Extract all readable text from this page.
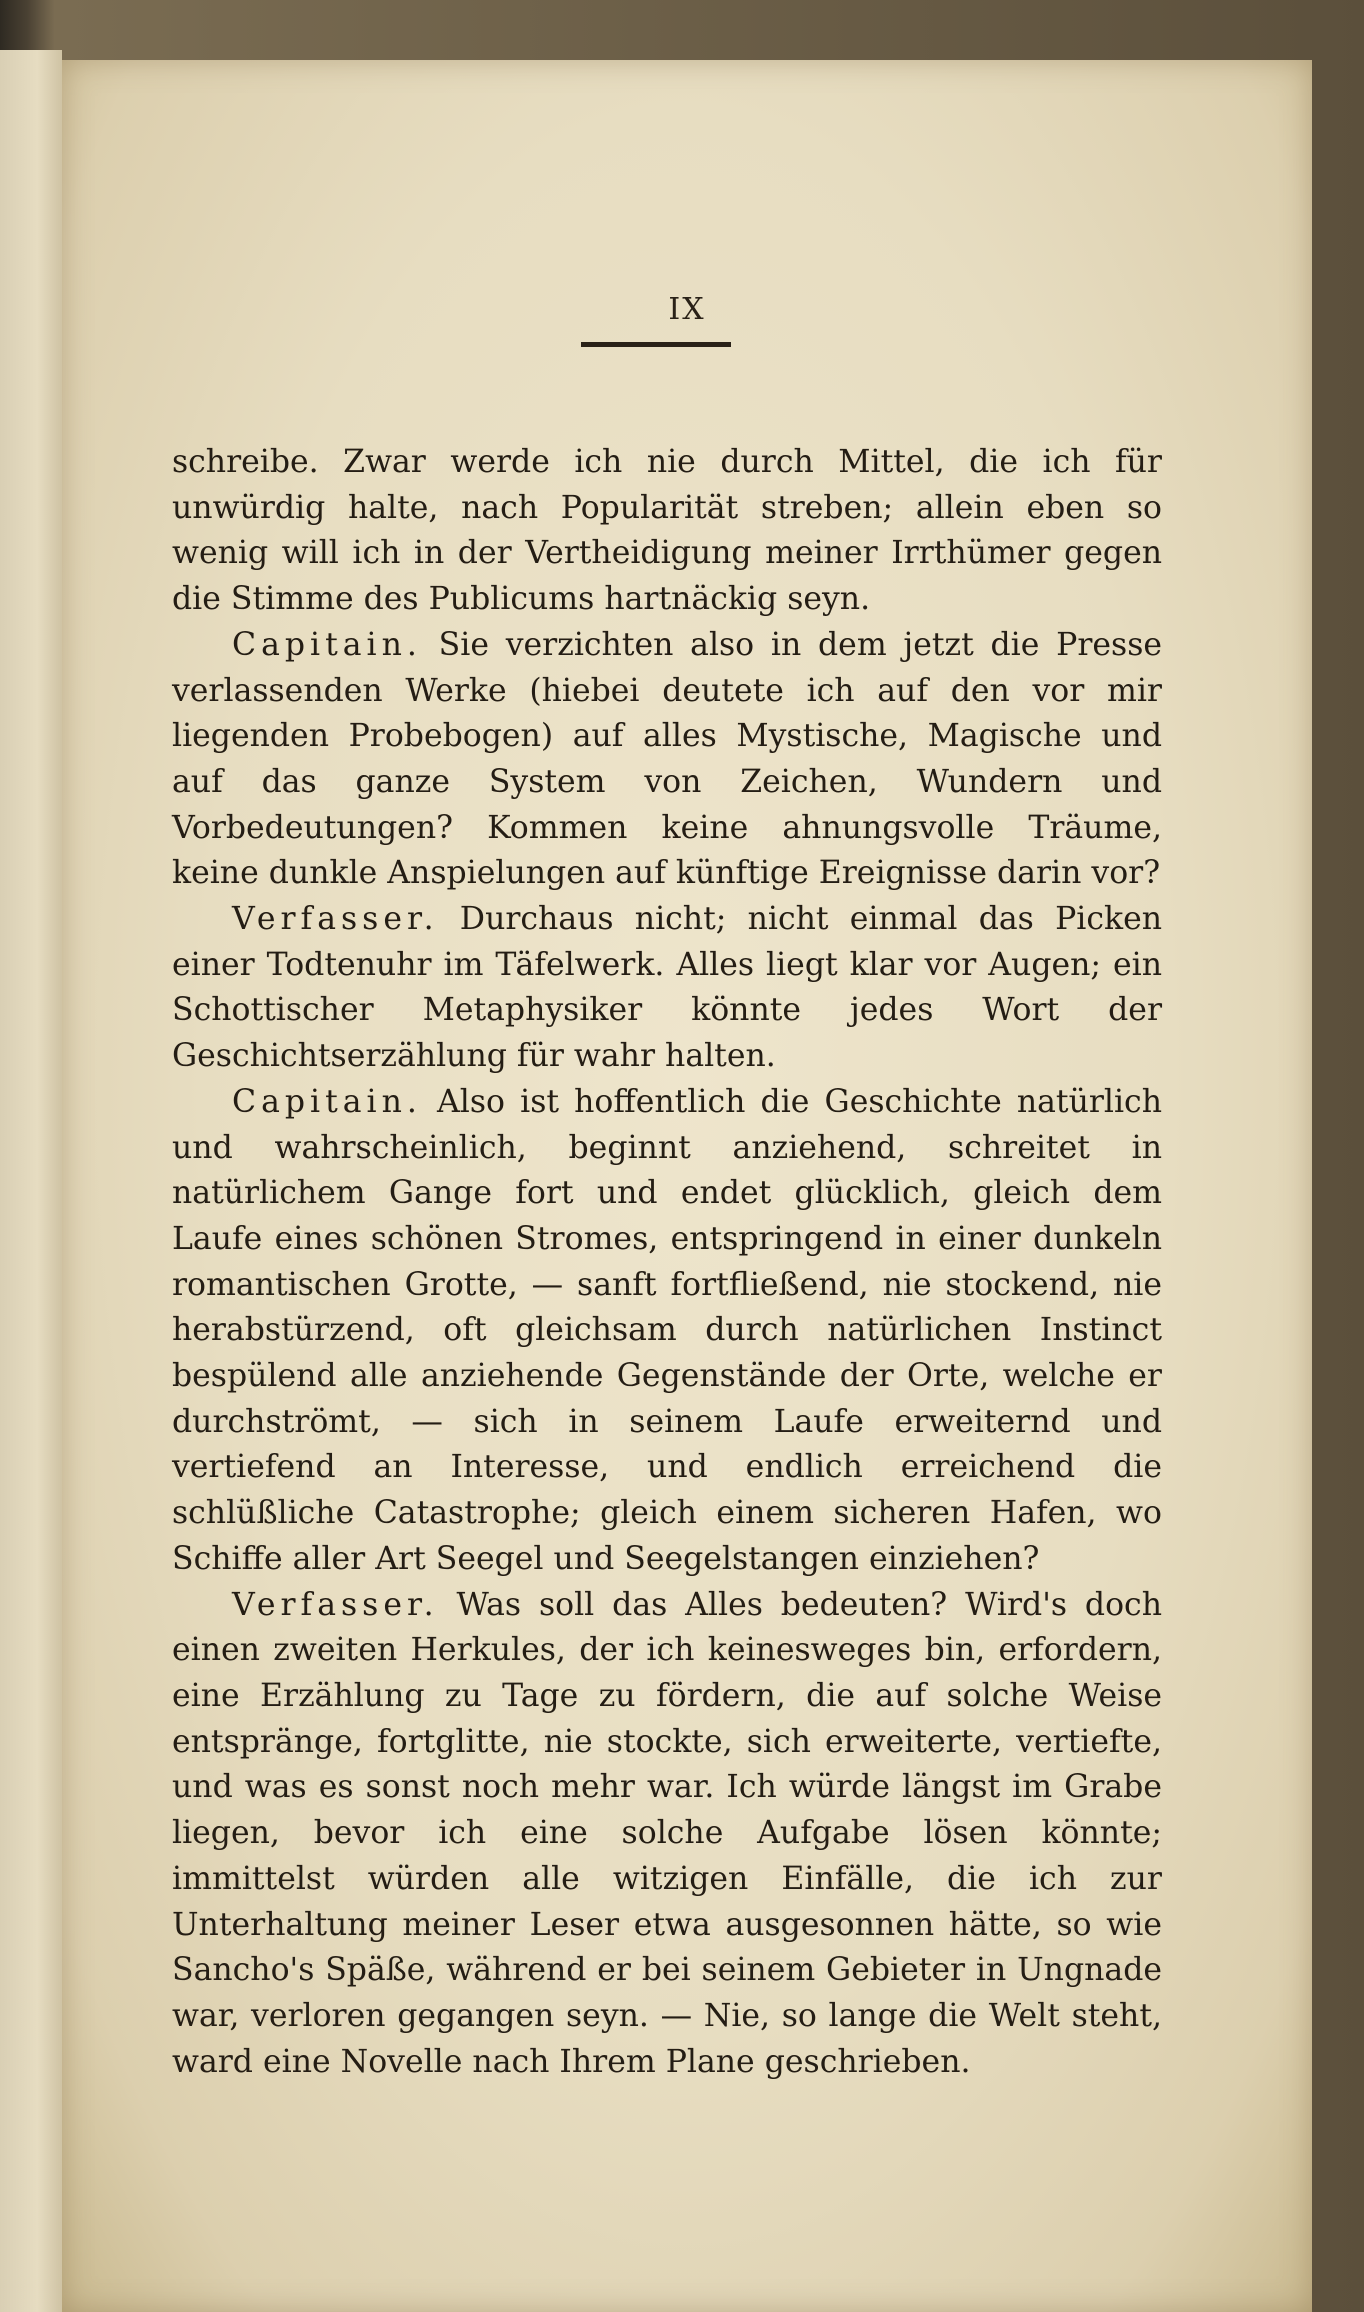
IX

schreibe. Zwar werde ich nie durch Mittel, die ich für unwürdig halte, nach Popularität streben; allein eben so wenig will ich in der Vertheidigung meiner Irrthümer gegen die Stimme des Publicums hartnäckig seyn.

Capitain. Sie verzichten also in dem jetzt die Presse verlassenden Werke (hiebei deutete ich auf den vor mir liegenden Probebogen) auf alles Mystische, Magische und auf das ganze System von Zeichen, Wundern und Vorbedeutungen? Kommen keine ahnungsvolle Träume, keine dunkle Anspielungen auf künftige Ereignisse darin vor?

Verfasser. Durchaus nicht; nicht einmal das Picken einer Todtenuhr im Täfelwerk. Alles liegt klar vor Augen; ein Schottischer Metaphysiker könnte jedes Wort der Geschichtserzählung für wahr halten.

Capitain. Also ist hoffentlich die Geschichte natürlich und wahrscheinlich, beginnt anziehend, schreitet in natürlichem Gange fort und endet glücklich, gleich dem Laufe eines schönen Stromes, entspringend in einer dunkeln romantischen Grotte, — sanft fortfließend, nie stockend, nie herabstürzend, oft gleichsam durch natürlichen Instinct bespülend alle anziehende Gegenstände der Orte, welche er durchströmt, — sich in seinem Laufe erweiternd und vertiefend an Interesse, und endlich erreichend die schlüßliche Catastrophe; gleich einem sicheren Hafen, wo Schiffe aller Art Seegel und Seegelstangen einziehen?

Verfasser. Was soll das Alles bedeuten? Wird's doch einen zweiten Herkules, der ich keinesweges bin, erfordern, eine Erzählung zu Tage zu fördern, die auf solche Weise entspränge, fortglitte, nie stockte, sich erweiterte, vertiefte, und was es sonst noch mehr war. Ich würde längst im Grabe liegen, bevor ich eine solche Aufgabe lösen könnte; immittelst würden alle witzigen Einfälle, die ich zur Unterhaltung meiner Leser etwa ausgesonnen hätte, so wie Sancho's Späße, während er bei seinem Gebieter in Ungnade war, verloren gegangen seyn. — Nie, so lange die Welt steht, ward eine Novelle nach Ihrem Plane geschrieben.
